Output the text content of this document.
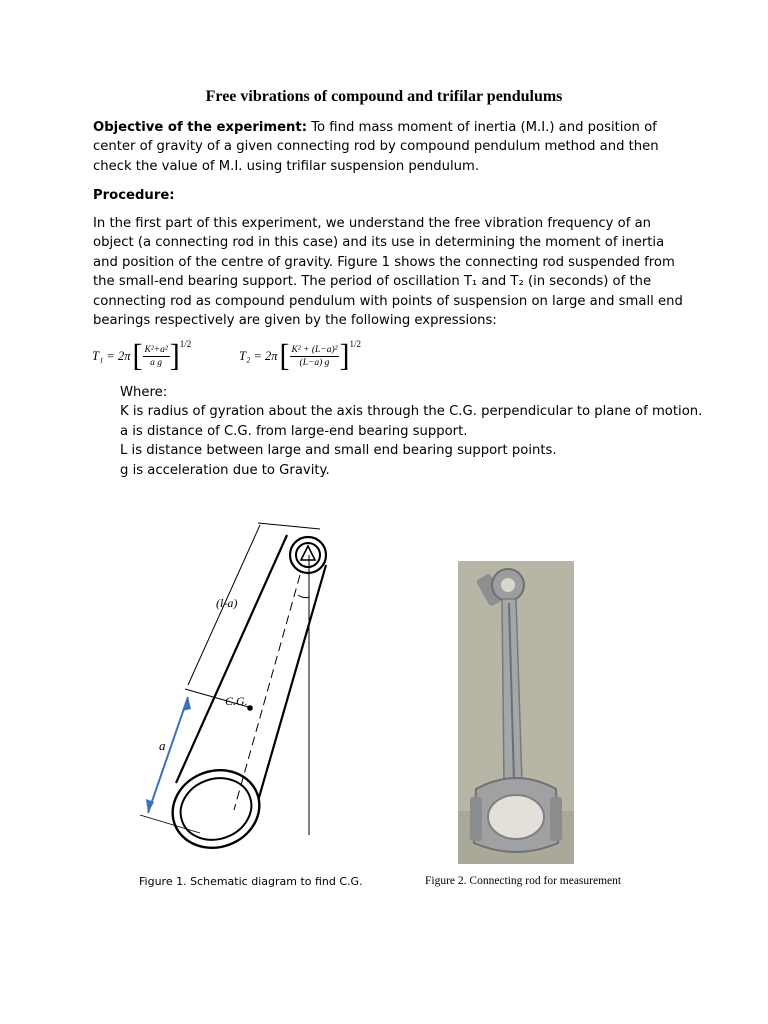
Free vibrations of compound and trifilar pendulums
Objective of the experiment: To find mass moment of inertia (M.I.) and position of center of gravity of a given connecting rod by compound pendulum method and then check the value of M.I. using trifilar suspension pendulum.
Procedure:
In the first part of this experiment, we understand the free vibration frequency of an object (a connecting rod in this case) and its use in determining the moment of inertia and position of the centre of gravity. Figure 1 shows the connecting rod suspended from the small-end bearing support. The period of oscillation T₁ and T₂ (in seconds) of the connecting rod as compound pendulum with points of suspension on large and small end bearings respectively are given by the following expressions:
T₁ = 2π [ $\frac{\text{K²+a²}}{\text{a g}}$ ] 1/2
T₂ = 2π [ $\frac{\text{K² + (L−a)²}}{(L-a) g}$ ] 1/2
Where:
K is radius of gyration about the axis through the C.G. perpendicular to plane of motion.
a is distance of C.G. from large-end bearing support.
L is distance between large and small end bearing support points.
g is acceleration due to Gravity.
(l-a)
C.G.
a
Figure 1. Schematic diagram to find C.G.	Figure 2. Connecting rod for measurement
